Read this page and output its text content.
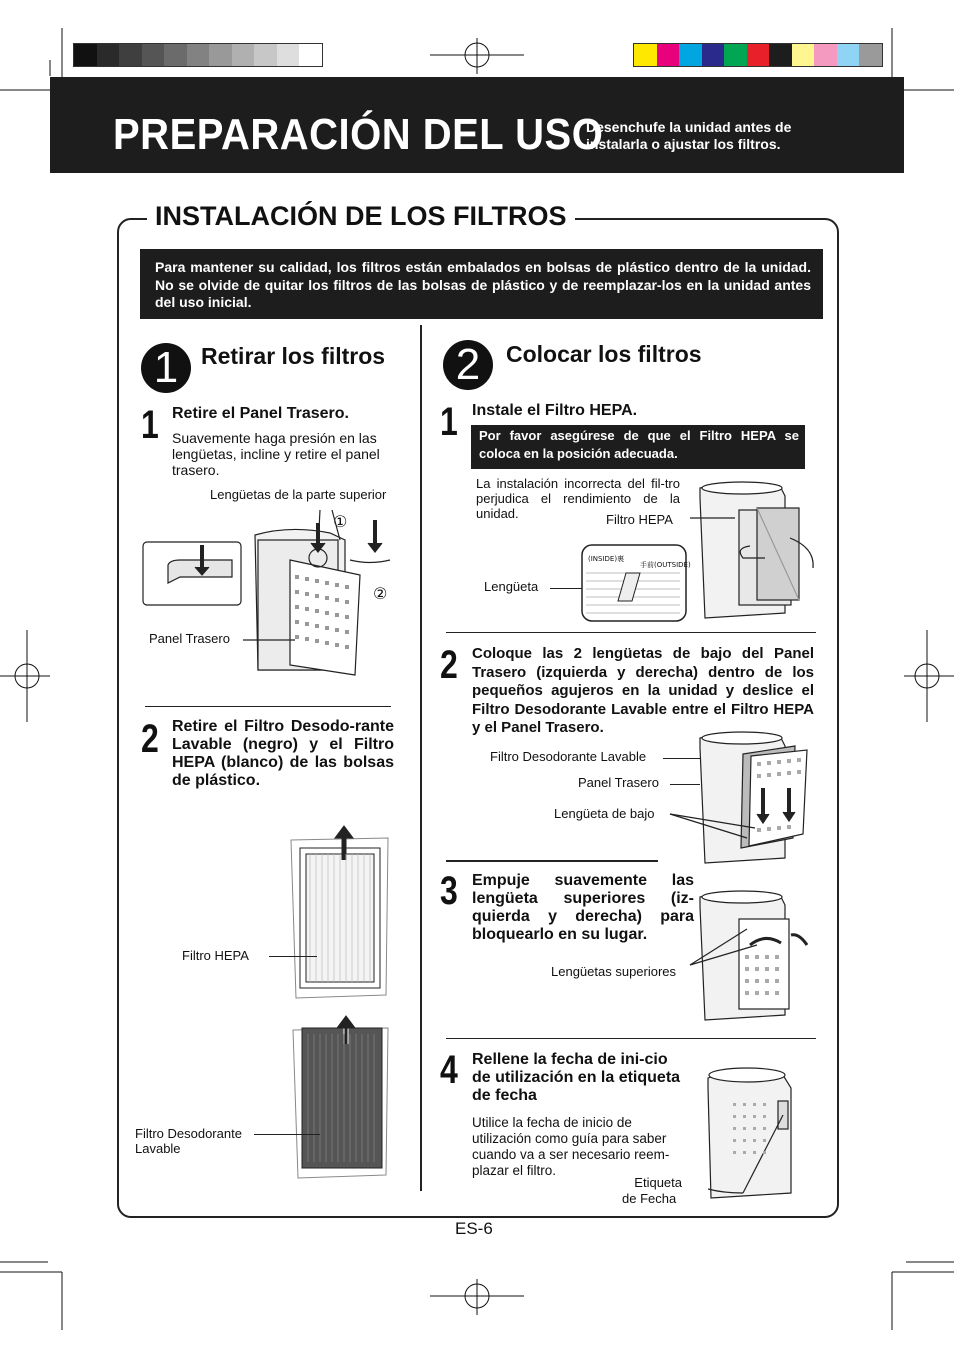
PREPARACIÓN DEL USO
Desenchufe la unidad antes de instalarla o ajustar los filtros.
INSTALACIÓN DE LOS FILTROS
Para mantener su calidad, los filtros están embalados en bolsas de plástico dentro de la unidad. No se olvide de quitar los filtros de las bolsas de plástico y de reemplazar-los en la unidad antes del uso inicial.
1 Retirar los filtros
1 Retire el Panel Trasero.
Suavemente haga presión en las lengüetas, incline y retire el panel trasero.
Lengüetas de la parte superior
Panel Trasero
①
②
2 Retire el Filtro Desodo-rante Lavable (negro) y el Filtro HEPA (blanco) de las bolsas de plástico.
Filtro HEPA
Filtro Desodorante
Lavable
2	Colocar los filtros
1 Instale el Filtro HEPA.
Por favor asegúrese de que el Filtro HEPA se coloca en la posición adecuada.
La instalación incorrecta del fil-tro perjudica el rendimiento de la unidad.	Filtro HEPA
Lengüeta
(INSIDE)裏
手前(OUTSIDE)
2 Coloque las 2 lengüetas de bajo del Panel Trasero (izquierda y derecha) dentro de los pequeños agujeros en la unidad y deslice el Filtro Desodorante Lavable entre el Filtro HEPA y el Panel Trasero.
Filtro Desodorante Lavable
Panel Trasero
Lengüeta de bajo
3 Empuje suavemente las lengüeta superiores (iz-quierda y derecha) para bloquearlo en su lugar.
Lengüetas superiores
4 Rellene la fecha de ini-cio de utilización en la etiqueta de fecha
Utilice la fecha de inicio de utilización como guía para saber cuando va a ser necesario reem-plazar el filtro.
Etiqueta
de Fecha
ES-6
